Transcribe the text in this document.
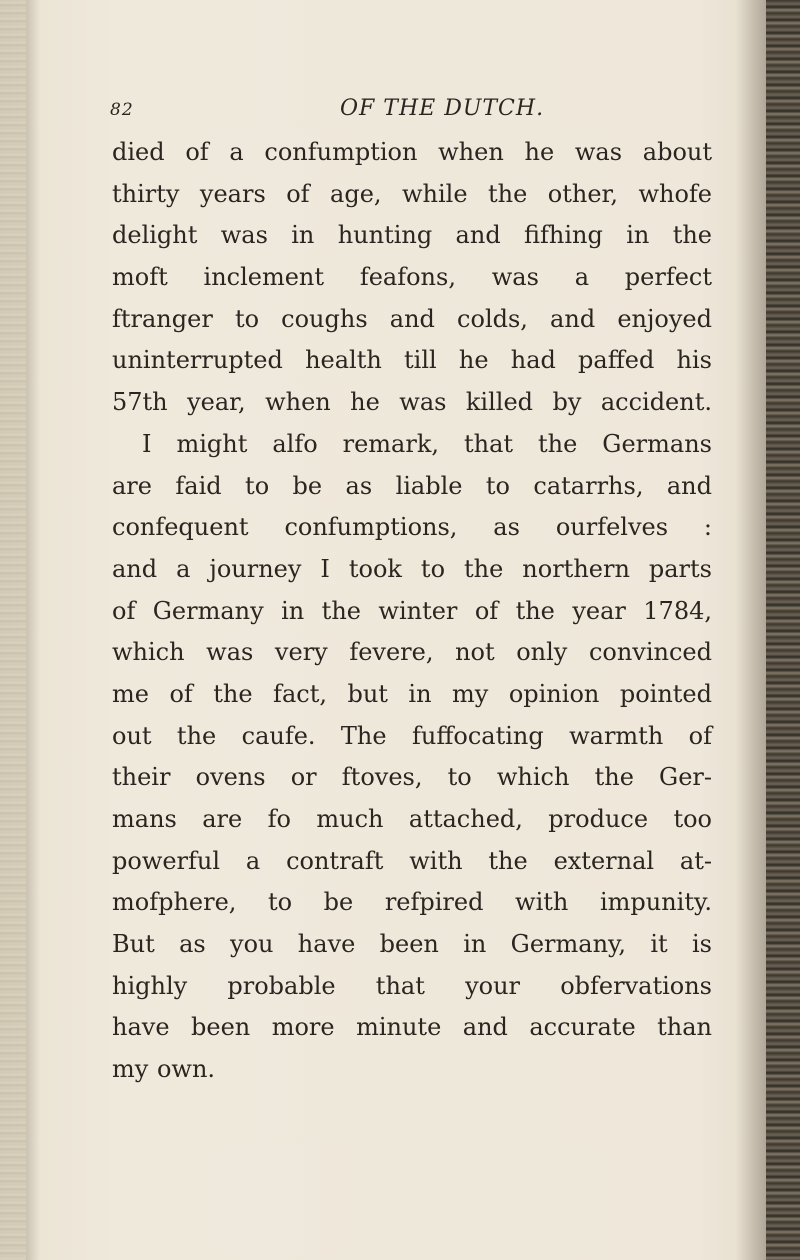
82	OF THE DUTCH.
died of a confumption when he was about
thirty years of age, while the other, whofe
delight was in hunting and fifhing in the
moft inclement feafons, was a perfect
ftranger to coughs and colds, and enjoyed
uninterrupted health till he had paffed his
57th year, when he was killed by accident.
I might alfo remark, that the Germans
are faid to be as liable to catarrhs, and
confequent confumptions, as ourfelves :
and a journey I took to the northern parts
of Germany in the winter of the year 1784,
which was very fevere, not only convinced
me of the fact, but in my opinion pointed
out the caufe. The fuffocating warmth of
their ovens or ftoves, to which the Ger-
mans are fo much attached, produce too
powerful a contraft with the external at-
mofphere, to be refpired with impunity.
But as you have been in Germany, it is
highly probable that your obfervations
have been more minute and accurate than
my own.
